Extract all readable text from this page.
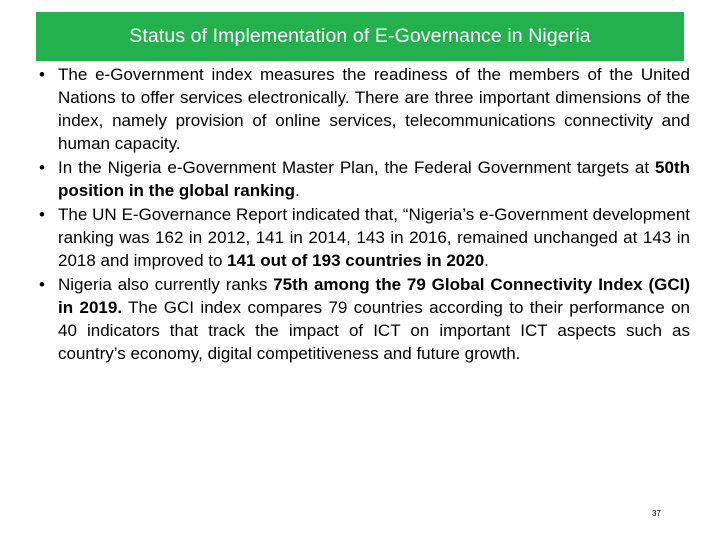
Status of Implementation of E-Governance in Nigeria
• The e-Government index measures the readiness of the members of the United Nations to offer services electronically. There are three important dimensions of the index, namely provision of online services, telecommunications connectivity and human capacity.
• In the Nigeria e-Government Master Plan, the Federal Government targets at 50th position in the global ranking.
• The UN E-Governance Report indicated that, “Nigeria’s e-Government development ranking was 162 in 2012, 141 in 2014, 143 in 2016, remained unchanged at 143 in 2018 and improved to 141 out of 193 countries in 2020.
• Nigeria also currently ranks 75th among the 79 Global Connectivity Index (GCI) in 2019. The GCI index compares 79 countries according to their performance on 40 indicators that track the impact of ICT on important ICT aspects such as country’s economy, digital competitiveness and future growth.
37
